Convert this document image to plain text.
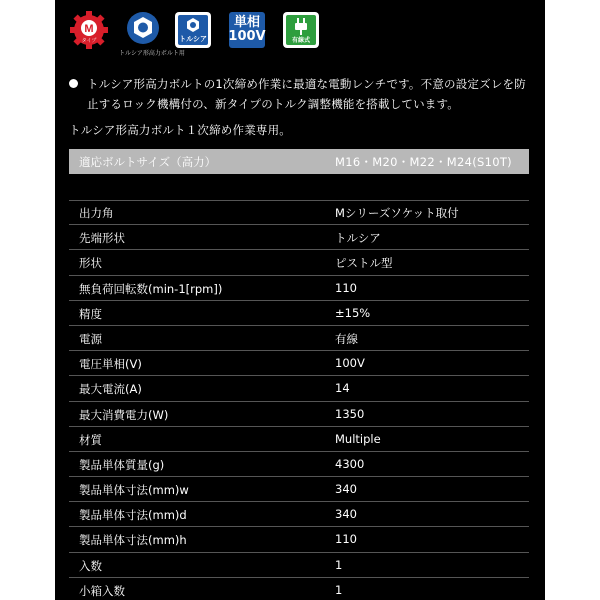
M
タイプ
トルシア形高力ボルト用
トルシア
単相
100V	有線式
トルシア形高力ボルトの1次締め作業に最適な電動レンチです。不意の設定ズレを防止するロック機構付の、新タイプのトルク調整機能を搭載しています。
トルシア形高力ボルト１次締め作業専用。
適応ボルトサイズ（高力）	M16・M20・M22・M24(S10T)
出力角	Mシリーズソケット取付
先端形状	トルシア
形状	ピストル型
無負荷回転数(min-1[rpm])	110
精度	±15%
電源	有線
電圧単相(V)	100V
最大電流(A)	14
最大消費電力(W)	1350
材質	Multiple
製品単体質量(g)	4300
製品単体寸法(mm)w	340
製品単体寸法(mm)d	340
製品単体寸法(mm)h	110
入数	1
小箱入数	1
